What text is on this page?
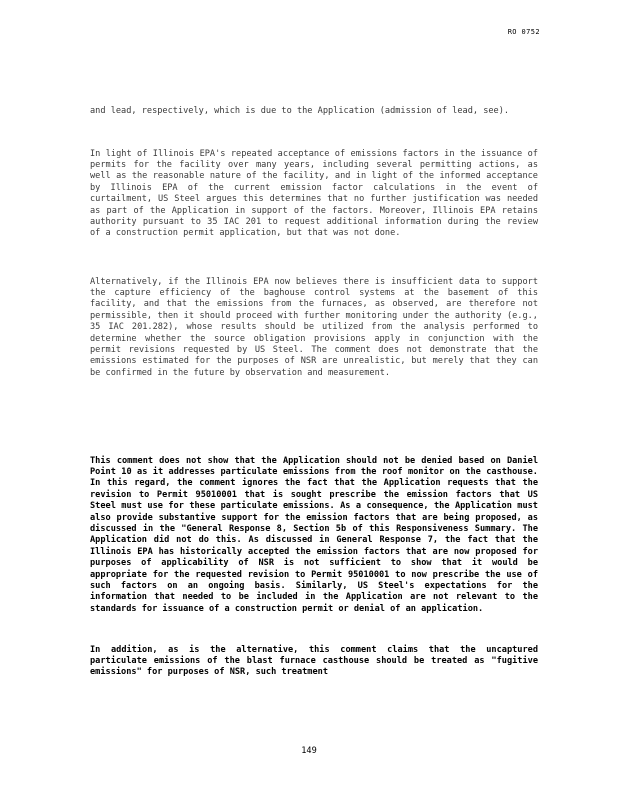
RO 0752

and lead, respectively, which is due to the Application (admission of lead, see).

In light of Illinois EPA's repeated acceptance of emissions factors in the issuance of permits for the facility over many years, including several permitting actions, as well as the reasonable nature of the facility, and in light of the informed acceptance by Illinois EPA of the current emission factor calculations in the event of curtailment, US Steel argues this determines that no further justification was needed as part of the Application in support of the factors. Moreover, Illinois EPA retains authority pursuant to 35 IAC 201 to request additional information during the review of a construction permit application, but that was not done.

Alternatively, if the Illinois EPA now believes there is insufficient data to support the capture efficiency of the baghouse control systems at the basement of this facility, and that the emissions from the furnaces, as observed, are therefore not permissible, then it should proceed with further monitoring under the authority (e.g., 35 IAC 201.282), whose results should be utilized from the analysis performed to determine whether the source obligation provisions apply in conjunction with the permit revisions requested by US Steel. The comment does not demonstrate that the emissions estimated for the purposes of NSR are unrealistic, but merely that they can be confirmed in the future by observation and measurement.

This comment does not show that the Application should not be denied based on Daniel Point 10 as it addresses particulate emissions from the roof monitor on the casthouse. In this regard, the comment ignores the fact that the Application requests that the revision to Permit 95010001 that is sought prescribe the emission factors that US Steel must use for these particulate emissions. As a consequence, the Application must also provide substantive support for the emission factors that are being proposed, as discussed in the "General Response 8, Section 5b of this Responsiveness Summary. The Application did not do this. As discussed in General Response 7, the fact that the Illinois EPA has historically accepted the emission factors that are now proposed for purposes of applicability of NSR is not sufficient to show that it would be appropriate for the requested revision to Permit 95010001 to now prescribe the use of such factors on an ongoing basis. Similarly, US Steel's expectations for the information that needed to be included in the Application are not relevant to the standards for issuance of a construction permit or denial of an application.

In addition, as is the alternative, this comment claims that the uncaptured particulate emissions of the blast furnace casthouse should be treated as "fugitive emissions" for purposes of NSR, such treatment

149
